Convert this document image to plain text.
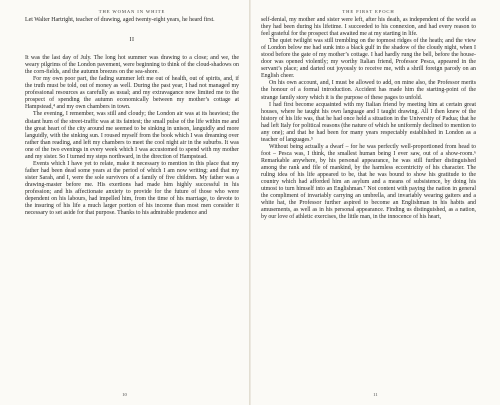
THE WOMAN IN WHITE

Let Walter Hartright, teacher of drawing, aged twenty-eight years, he heard first.

II

It was the last day of July. The long hot summer was drawing to a close; and we, the weary pilgrims of the London pavement, were beginning to think of the cloud-shadows on the corn-fields, and the autumn breezes on the sea-shore.

For my own poor part, the fading summer left me out of health, out of spirits, and, if the truth must be told, out of money as well. During the past year, I had not managed my professional resources as carefully as usual; and my extravagance now limited me to the prospect of spending the autumn economically between my mother’s cottage at Hampstead,⁴ and my own chambers in town.

The evening, I remember, was still and cloudy; the London air was at its heaviest; the distant hum of the street-traffic was at its faintest; the small pulse of the life within me and the great heart of the city around me seemed to be sinking in unison, languidly and more languidly, with the sinking sun. I roused myself from the book which I was dreaming over rather than reading, and left my chambers to meet the cool night air in the suburbs. It was one of the two evenings in every week which I was accustomed to spend with my mother and my sister. So I turned my steps northward, in the direction of Hampstead.

Events which I have yet to relate, make it necessary to mention in this place that my father had been dead some years at the period of which I am now writing; and that my sister Sarah, and I, were the sole survivors of a family of five children. My father was a drawing-master before me. His exertions had made him highly successful in his profession; and his affectionate anxiety to provide for the future of those who were dependent on his labours, had impelled him, from the time of his marriage, to devote to the insuring of his life a much larger portion of his income than most men consider it necessary to set aside for that purpose. Thanks to his admirable prudence and

10
THE FIRST EPOCH

self-denial, my mother and sister were left, after his death, as independent of the world as they had been during his lifetime. I succeeded to his connexion, and had every reason to feel grateful for the prospect that awaited me at my starting in life.

The quiet twilight was still trembling on the topmost ridges of the heath; and the view of London below me had sunk into a black gulf in the shadow of the cloudy night, when I stood before the gate of my mother’s cottage. I had hardly rung the bell, before the house-door was opened violently; my worthy Italian friend, Professor Pesca, appeared in the servant’s place; and darted out joyously to receive me, with a shrill foreign parody on an English cheer.

On his own account, and, I must be allowed to add, on mine also, the Professor merits the honour of a formal introduction. Accident has made him the starting-point of the strange family story which it is the purpose of these pages to unfold.

I had first become acquainted with my Italian friend by meeting him at certain great houses, where he taught his own language and I taught drawing. All I then knew of the history of his life was, that he had once held a situation in the University of Padua; that he had left Italy for political reasons (the nature of which he uniformly declined to mention to any one); and that he had been for many years respectably established in London as a teacher of languages.⁵

Without being actually a dwarf – for he was perfectly well-proportioned from head to foot – Pesca was, I think, the smallest human being I ever saw, out of a show-room.⁶ Remarkable anywhere, by his personal appearance, he was still further distinguished among the rank and file of mankind, by the harmless eccentricity of his character. The ruling idea of his life appeared to be, that he was bound to show his gratitude to the country which had afforded him an asylum and a means of subsistence, by doing his utmost to turn himself into an Englishman.⁷ Not content with paying the nation in general the compliment of invariably carrying an umbrella, and invariably wearing gaiters and a white hat, the Professor further aspired to become an Englishman in his habits and amusements, as well as in his personal appearance. Finding us distinguished, as a nation, by our love of athletic exercises, the little man, in the innocence of his heart,

11
